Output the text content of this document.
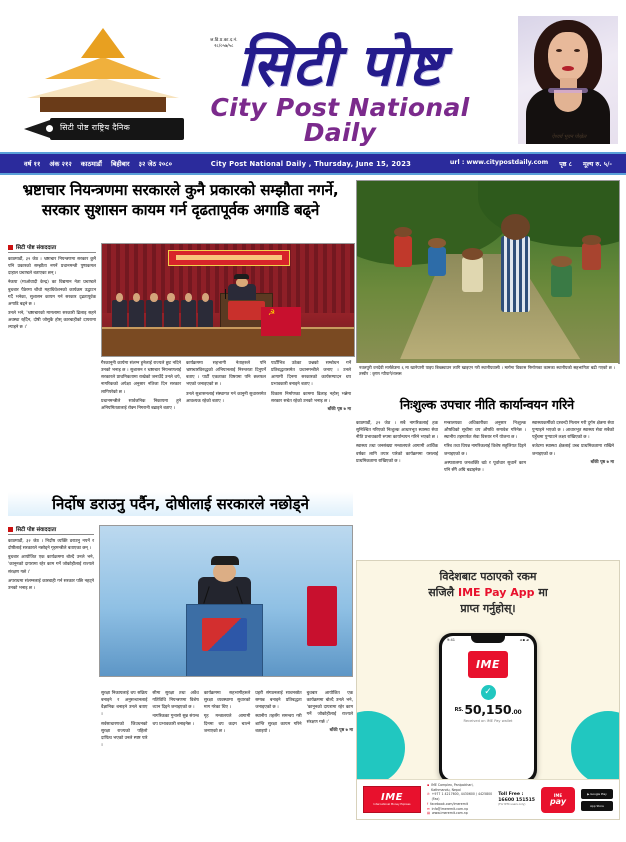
सिटी पोष्ट राष्ट्रिय दैनिक
ज.डि.प्र.का.द.नं.
२८/०५७/५८ सिटी पोष्ट
City Post National Daily	ऐश्वर्य भुवन पोख्रेल
वर्ष ११ अंक २१२ काठमाडौं बिहीबार ३२ जेठ २०८०	City Post National Daily , Thursday, June 15, 2023	url : www.citypostdaily.com पृष्ठ ८ मूल्य रु. ५/-
भ्रष्टाचार नियन्त्रणमा सरकारले कुनै प्रकारको सम्झौता नगर्ने,
सरकार सुशासन कायम गर्न दृढतापूर्वक अगाडि बढ्ने
सिटी पोष्ट संवाददाता

काठमाडौं, ३२ जेठ । भ्रष्टाचार नियन्त्रणमा सरकार कुनै पनि प्रकारको सम्झौता नगर्ने प्रधानमन्त्री पुष्पकमल दाहाल प्रचण्डले बताएका छन् ।

नेकपा (माओवादी केन्द्र) का विद्यमान नेता प्रचण्डले बुधबार पैठेरमा चौथो महाधिवेशनको कार्यक्रम उद्घाटन गर्दै भनेका, सुशासन कायम गर्न सरकार दृढतापूर्वक अगाडि बढ्ने छ ।

उनले भने, 'भ्रष्टाचारको मामलामा सरकारी ढिलाइ सहने अवस्था रहँदैन, दोषी जोसुकै होस् कारबाहीको दायरामा ल्याइने छ ।'

☭

गैरकानूनी कार्यमा संलग्न हुनेलाई राज्यले छुट नदिने उनको भनाइ छ । सुशासन र भ्रष्टाचार नियन्त्रणलाई सरकारले प्राथमिकतामा राखेको जनाउँदै उनले थपे, नागरिकको अपेक्षा अनुसार नतिजा दिन सरकार लागिपरेको छ ।

प्रधानमन्त्रीले सार्वजनिक निकायमा हुने अनियमिततालाई रोक्न निगरानी बढाइने बताए ।

कार्यक्रममा सहभागी नेताहरुले पनि भ्रष्टाचारविरुद्धको अभियानलाई निरन्तरता दिनुपर्ने बताए । पार्टी एकताका विषयमा पनि छलफल भएको जनाइएको छ ।

उनले सुशासनलाई संस्थागत गर्न कानुनी सुधारसमेत आवश्यक रहेको बताए ।

पार्टीभित्र उठेका प्रश्नको सम्बोधन गर्ने प्रतिबद्धतासमेत प्रधानमन्त्रीले जनाए । उनले आगामी दिनमा सरकारको कार्यसम्पादन थप प्रभावकारी बनाइने बताए ।

विकास निर्माणका काममा ढिलाइ नहोस् भन्नेमा सरकार सचेत रहेको उनको भनाइ छ ।

बाँकी पृष्ठ ७ मा
नवलपुरी वनदेवी मार्गछेउमा ६ मा खानेपानी पाइप बिच्छ्याउन लागि खाइएन गरी स्थानीयवासी । मार्गमा विकास निर्माणका कामका स्थानीयको सहभागिता बढी गएको छ । तस्वीर : कृष्ण न्यौपाने/रासस
निःशुल्क उपचार नीति कार्यान्वयन गरिने

काठमाडौं, ३२ जेठ । सबै नागरिकलाई हक सुनिश्चित गरिएको निःशुल्क आधारभूत स्वास्थ्य सेवा नीति प्रभावकारी रुपमा कार्यान्वयन गरिने भएको छ ।

स्वास्थ्य तथा जनसंख्या मन्त्रालयले आगामी आर्थिक वर्षका लागि तयार पारेको कार्यक्रममा यसलाई प्राथमिकतामा राखिएको छ ।

मन्त्रालयका अधिकारीका अनुसार निःशुल्क औषधिको सूचीमा थप औषधि समावेश गरिनेछ । स्थानीय तहमार्फत सेवा विस्तार गर्ने योजना छ ।

गरिब तथा विपन्न नागरिकलाई विशेष सहुलियत दिइने जनाइएको छ ।

अस्पतालमा जनशक्ति थप्ने र पूर्वाधार सुधार्ने काम पनि सँगै अघि बढाइनेछ ।

स्वास्थ्यकर्मीको दरबन्दी मिलान गरी दुर्गम क्षेत्रमा सेवा पुर्‍याइने भएको छ । आधारभूत स्वास्थ्य सेवा सबैको पहुँचमा पुर्‍याउने लक्ष्य राखिएको छ ।

बजेटमा स्वास्थ्य क्षेत्रलाई उच्च प्राथमिकतामा राखिने जनाइएको छ ।

बाँकी पृष्ठ ७ मा
निर्दोष डराउनु पर्दैन, दोषीलाई सरकारले नछोड्ने
सिटी पोष्ट संवाददाता

काठमाडौं, ३२ जेठ । निर्दोष व्यक्ति डराउनु नपर्ने र दोषीलाई सरकारले नछोड्ने गृहमन्त्रीले बताएका छन् ।

बुधबार आयोजित एक कार्यक्रममा बोल्दै उनले भने, 'कानूनको दायरामा रहेर काम गर्ने जोकोहीलाई राज्यले संरक्षण गर्छ ।'

अपराधमा संलग्नलाई कारबाही गर्न सरकार पछि नहट्ने उनको भनाइ छ ।

सुरक्षा निकायलाई थप सक्रिय बनाइने र अनुसन्धानलाई वैज्ञानिक बनाइने उनले बताए ।

सर्वसाधारणको जिउधनको सुरक्षा राज्यको पहिलो दायित्व भएको उनले स्पष्ट पारे ।

सीमा सुरक्षा तथा अवैध गतिविधि नियन्त्रणमा विशेष ध्यान दिइने जनाइएको छ ।

नागरिकका गुनासो सुन्न संयन्त्र थप प्रभावकारी बनाइनेछ ।

कार्यक्रममा सहभागीहरुले सुरक्षा व्यवस्थामा सुधारको माग गरेका थिए ।

गृह मन्त्रालयले आगामी दिनमा थप कदम चाल्ने जनाएको छ ।

प्रहरी संगठनलाई साधनस्रोत सम्पन्न बनाइने प्रतिबद्धता जनाइएको छ ।

स्थानीय तहसँग समन्वय गरी शान्ति सुरक्षा कायम गरिने बताइयो ।

बुधबार आयोजित एक कार्यक्रममा बोल्दै उनले भने, 'कानूनको दायरामा रहेर काम गर्ने जोकोहीलाई राज्यले संरक्षण गर्छ ।'

बाँकी पृष्ठ ७ मा
विदेशबाट पठाएको रकम
सजिलै IME Pay App मा
प्राप्त गर्नुहोस्।
9:41	◂ ▪ ▰
IME
✓
RS.50,150.00
Received on IME Pay wallet
IME
International Money Express
▪ IME Complex, Panipokhari, Kathmandu, Nepal
✆ +977 1 4217600, 4430600 / 4425800 (Fax)
f facebook.com/imeremit
✉ info@imeremit.com.np
▤ www.imeremit.com.np
Toll Free :
16600 151515
(For NTC users only)
IME
pay
▶ Google Play
App Store
